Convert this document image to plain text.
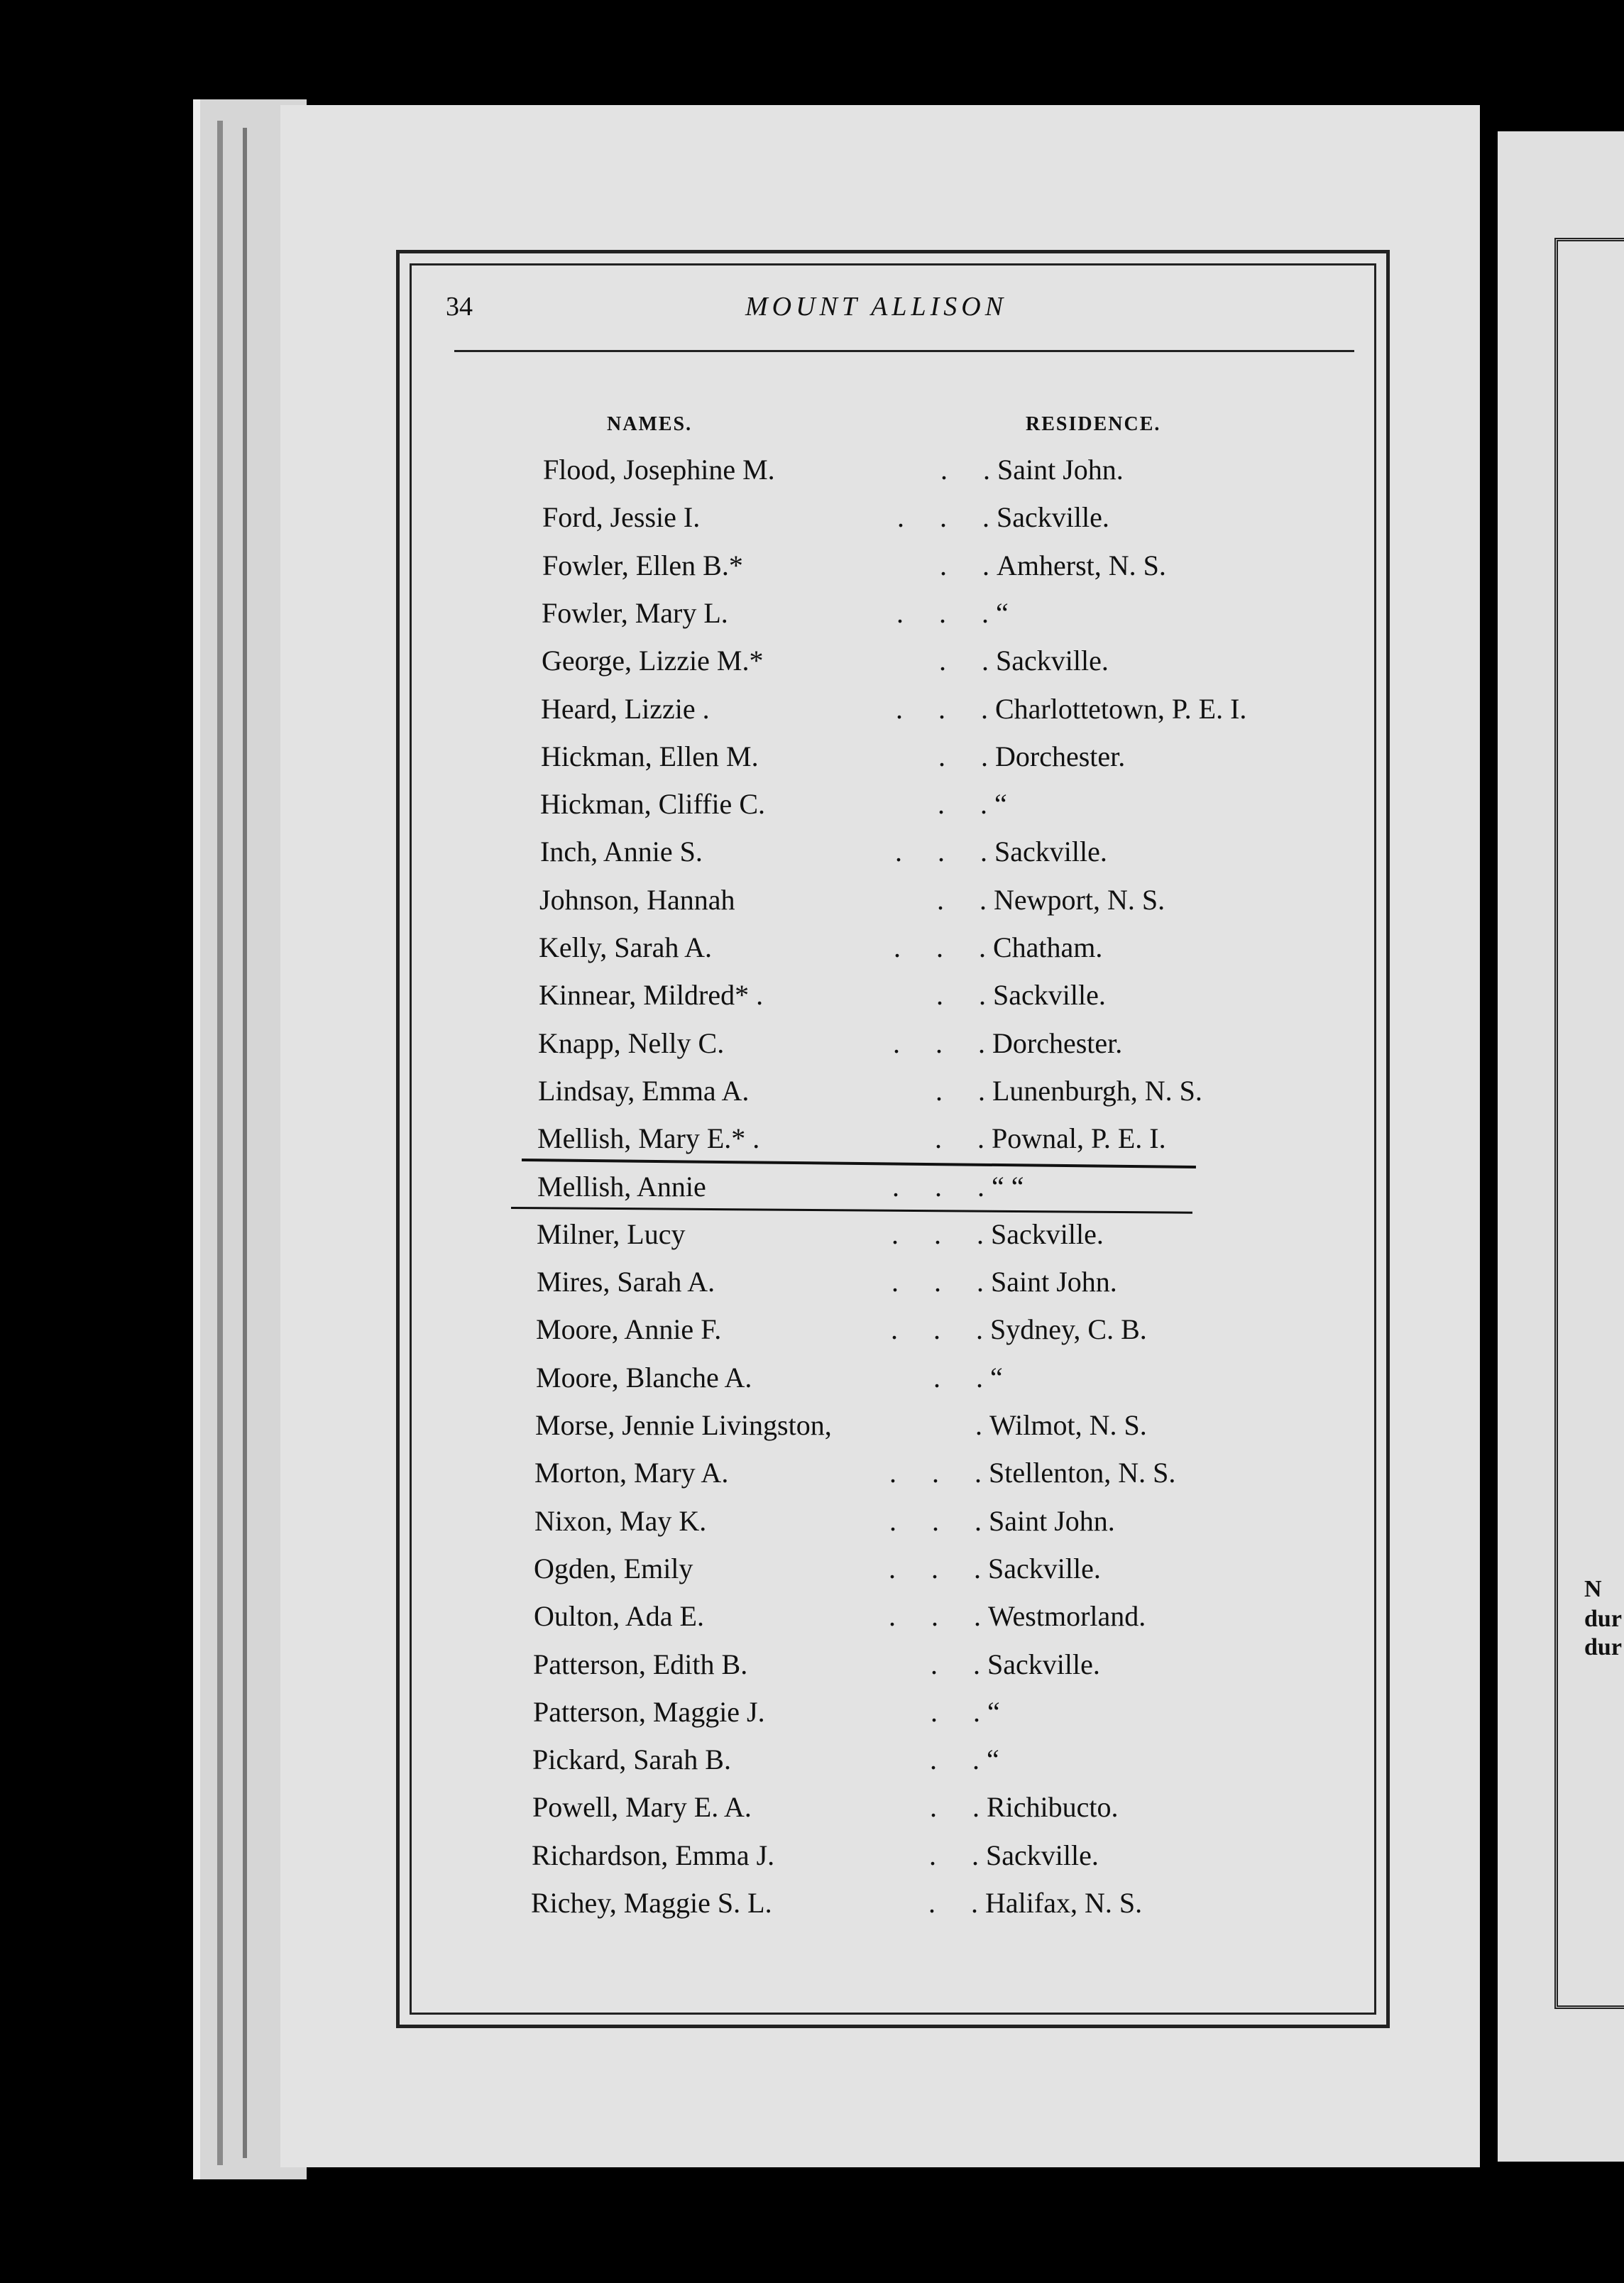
N
dur
dur
34	MOUNT ALLISON
NAMES.	RESIDENCE.
Flood, Josephine M.	. . Saint John.
Ford, Jessie I.	. . . Sackville.
Fowler, Ellen B.*	. . Amherst, N. S.
Fowler, Mary L.	. . . “
George, Lizzie M.*	. . Sackville.
Heard, Lizzie .	. . . Charlottetown, P. E. I.
Hickman, Ellen M.	. . Dorchester.
Hickman, Cliffie C.	. . “
Inch, Annie S.	. . . Sackville.
Johnson, Hannah	. . Newport, N. S.
Kelly, Sarah A.	. . . Chatham.
Kinnear, Mildred* .	. . Sackville.
Knapp, Nelly C.	. . . Dorchester.
Lindsay, Emma A.	. . Lunenburgh, N. S.
Mellish, Mary E.* .	. . Pownal, P. E. I.
Mellish, Annie	. . . “ “
Milner, Lucy	. . . Sackville.
Mires, Sarah A.	. . . Saint John.
Moore, Annie F.	. . . Sydney, C. B.
Moore, Blanche A.	. . “
Morse, Jennie Livingston,	. Wilmot, N. S.
Morton, Mary A.	. . . Stellenton, N. S.
Nixon, May K.	. . . Saint John.
Ogden, Emily	. . . Sackville.
Oulton, Ada E.	. . . Westmorland.
Patterson, Edith B.	. . Sackville.
Patterson, Maggie J.	. . “
Pickard, Sarah B.	. . “
Powell, Mary E. A.	. . Richibucto.
Richardson, Emma J.	. . Sackville.
Richey, Maggie S. L.	. . Halifax, N. S.
